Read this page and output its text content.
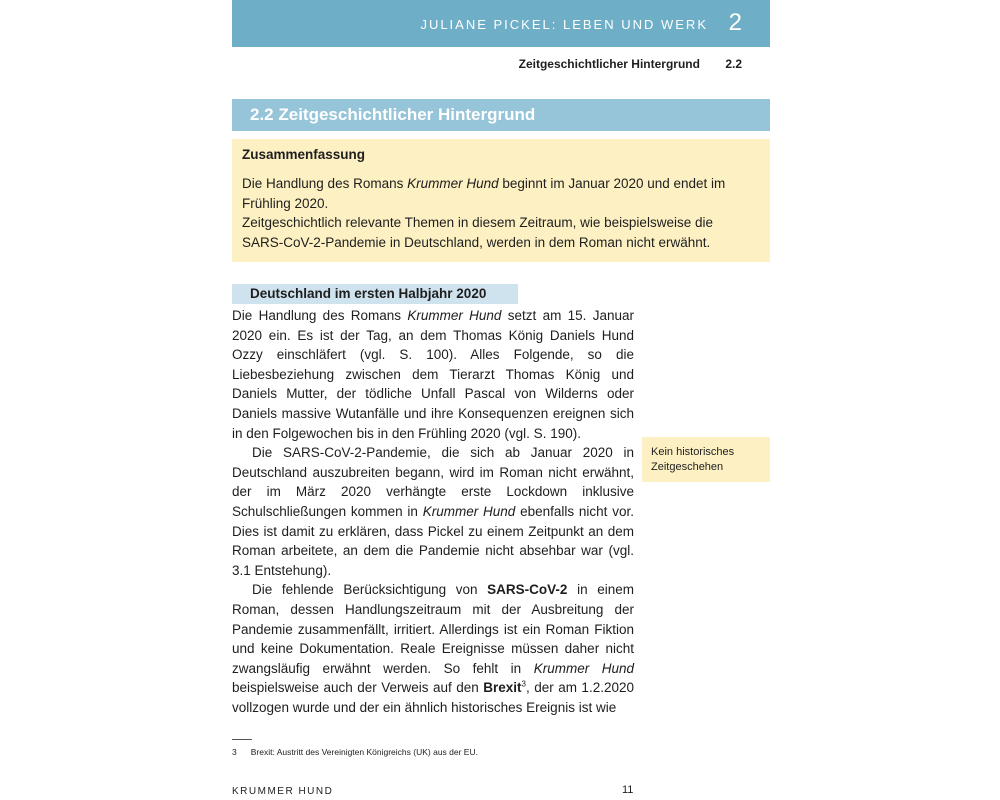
JULIANE PICKEL: LEBEN UND WERK 2
Zeitgeschichtlicher Hintergrund 2.2
2.2 Zeitgeschichtlicher Hintergrund
Zusammenfassung
Die Handlung des Romans Krummer Hund beginnt im Januar 2020 und endet im Frühling 2020.
Zeitgeschichtlich relevante Themen in diesem Zeitraum, wie beispielsweise die SARS-CoV-2-Pandemie in Deutschland, werden in dem Roman nicht erwähnt.
Deutschland im ersten Halbjahr 2020

Die Handlung des Romans Krummer Hund setzt am 15. Januar 2020 ein. Es ist der Tag, an dem Thomas König Daniels Hund Ozzy einschläfert (vgl. S. 100). Alles Folgende, so die Liebesbeziehung zwischen dem Tierarzt Thomas König und Daniels Mutter, der tödliche Unfall Pascal von Wilderns oder Daniels massive Wutanfälle und ihre Konsequenzen ereignen sich in den Folgewochen bis in den Frühling 2020 (vgl. S. 190).

Die SARS-CoV-2-Pandemie, die sich ab Januar 2020 in Deutschland auszubreiten begann, wird im Roman nicht erwähnt, der im März 2020 verhängte erste Lockdown inklusive Schulschließungen kommen in Krummer Hund ebenfalls nicht vor. Dies ist damit zu erklären, dass Pickel zu einem Zeitpunkt an dem Roman arbeitete, an dem die Pandemie nicht absehbar war (vgl. 3.1 Entstehung).

Die fehlende Berücksichtigung von SARS-CoV-2 in einem Roman, dessen Handlungszeitraum mit der Ausbreitung der Pandemie zusammenfällt, irritiert. Allerdings ist ein Roman Fiktion und keine Dokumentation. Reale Ereignisse müssen daher nicht zwangsläufig erwähnt werden. So fehlt in Krummer Hund beispielsweise auch der Verweis auf den Brexit$^3$, der am 1.2.2020 vollzogen wurde und der ein ähnlich historisches Ereignis ist wie

Kein historisches Zeitgeschehen
3 Brexit: Austritt des Vereinigten Königreichs (UK) aus der EU.
KRUMMER HUND	11
